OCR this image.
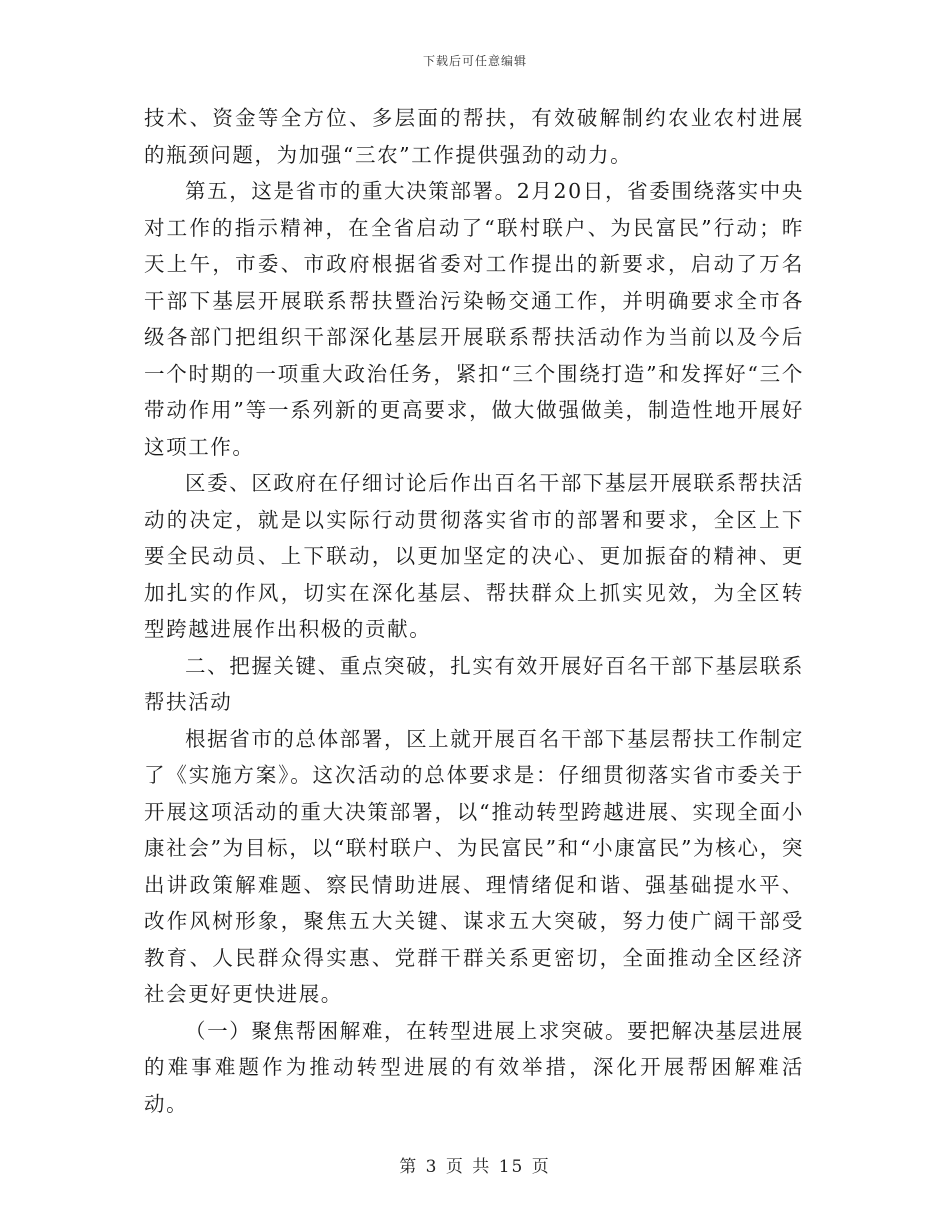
下载后可任意编辑

技术、资金等全方位、多层面的帮扶，有效破解制约农业农村进展的瓶颈问题，为加强“三农”工作提供强劲的动力。

第五，这是省市的重大决策部署。2月20日，省委围绕落实中央对工作的指示精神，在全省启动了“联村联户、为民富民”行动；昨天上午，市委、市政府根据省委对工作提出的新要求，启动了万名干部下基层开展联系帮扶暨治污染畅交通工作，并明确要求全市各级各部门把组织干部深化基层开展联系帮扶活动作为当前以及今后一个时期的一项重大政治任务，紧扣“三个围绕打造”和发挥好“三个带动作用”等一系列新的更高要求，做大做强做美，制造性地开展好这项工作。

区委、区政府在仔细讨论后作出百名干部下基层开展联系帮扶活动的决定，就是以实际行动贯彻落实省市的部署和要求，全区上下要全民动员、上下联动，以更加坚定的决心、更加振奋的精神、更加扎实的作风，切实在深化基层、帮扶群众上抓实见效，为全区转型跨越进展作出积极的贡献。

二、把握关键、重点突破，扎实有效开展好百名干部下基层联系帮扶活动

根据省市的总体部署，区上就开展百名干部下基层帮扶工作制定了《实施方案》。这次活动的总体要求是：仔细贯彻落实省市委关于开展这项活动的重大决策部署，以“推动转型跨越进展、实现全面小康社会”为目标，以“联村联户、为民富民”和“小康富民”为核心，突出讲政策解难题、察民情助进展、理情绪促和谐、强基础提水平、改作风树形象，聚焦五大关键、谋求五大突破，努力使广阔干部受教育、人民群众得实惠、党群干群关系更密切，全面推动全区经济社会更好更快进展。

（一）聚焦帮困解难，在转型进展上求突破。要把解决基层进展的难事难题作为推动转型进展的有效举措，深化开展帮困解难活动。

第 3 页 共 15 页
